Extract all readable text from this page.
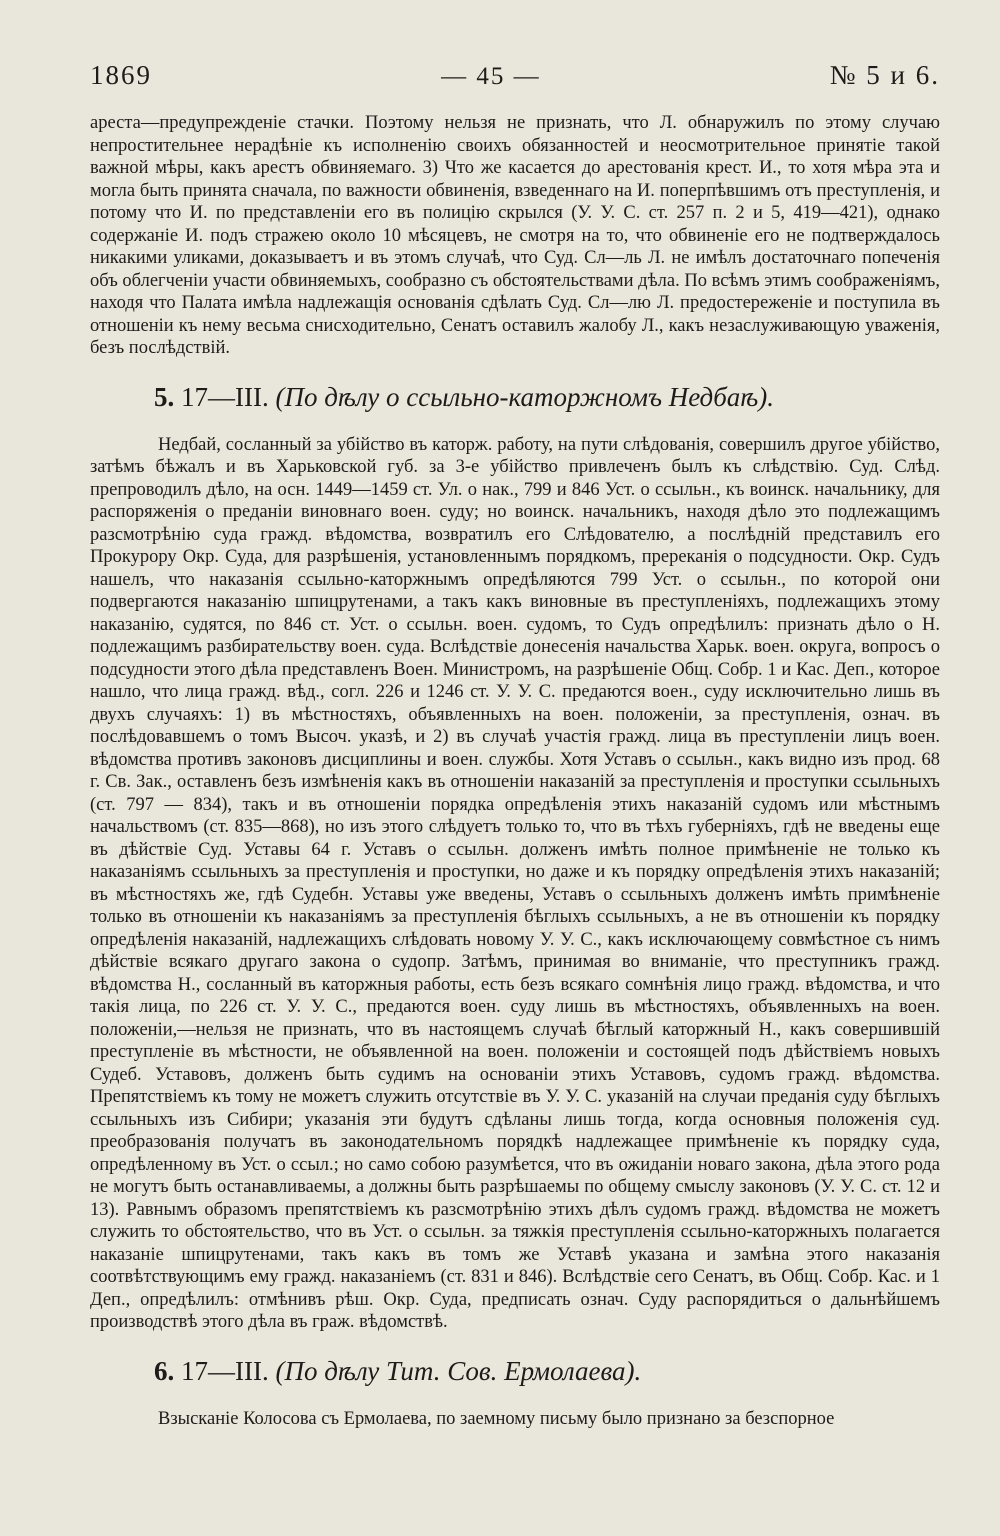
1869	— 45 —	№ 5 и 6.

ареста—предупрежденіе стачки. Поэтому нельзя не признать, что Л. обнаружилъ по этому случаю непростительнее нерадѣніе къ исполненію своихъ обязанностей и неосмотрительное принятіе такой важной мѣры, какъ арестъ обвиняемаго. 3) Что же касается до арестованія крест. И., то хотя мѣра эта и могла быть принята сначала, по важности обвиненія, взведеннаго на И. поперпѣвшимъ отъ преступленія, и потому что И. по представленіи его въ полицію скрылся (У. У. С. ст. 257 п. 2 и 5, 419—421), однако содержаніе И. подъ стражею около 10 мѣсяцевъ, не смотря на то, что обвиненіе его не подтверждалось никакими уликами, доказываетъ и въ этомъ случаѣ, что Суд. Сл—ль Л. не имѣлъ достаточнаго попеченія объ облегченіи участи обвиняемыхъ, сообразно съ обстоятельствами дѣла. По всѣмъ этимъ соображеніямъ, находя что Палата имѣла надлежащія основанія сдѣлать Суд. Сл—лю Л. предостереженіе и поступила въ отношеніи къ нему весьма снисходительно, Сенатъ оставилъ жалобу Л., какъ незаслуживающую уваженія, безъ послѣдствій.

5. 17—III. (По дѣлу о ссыльно-каторжномъ Недбаѣ).

Недбай, сосланный за убійство въ каторж. работу, на пути слѣдованія, совершилъ другое убійство, затѣмъ бѣжалъ и въ Харьковской губ. за 3-е убійство привлеченъ былъ къ слѣдствію. Суд. Слѣд. препроводилъ дѣло, на осн. 1449—1459 ст. Ул. о нак., 799 и 846 Уст. о ссыльн., къ воинск. начальнику, для распоряженія о преданіи виновнаго воен. суду; но воинск. начальникъ, находя дѣло это подлежащимъ разсмотрѣнію суда гражд. вѣдомства, возвратилъ его Слѣдователю, а послѣдній представилъ его Прокурору Окр. Суда, для разрѣшенія, установленнымъ порядкомъ, пререканія о подсудности. Окр. Судъ нашелъ, что наказанія ссыльно-каторжнымъ опредѣляются 799 Уст. о ссыльн., по которой они подвергаются наказанію шпицрутенами, а такъ какъ виновные въ преступленіяхъ, подлежащихъ этому наказанію, судятся, по 846 ст. Уст. о ссыльн. воен. судомъ, то Судъ опредѣлилъ: признать дѣло о Н. подлежащимъ разбирательству воен. суда. Вслѣдствіе донесенія начальства Харьк. воен. округа, вопросъ о подсудности этого дѣла представленъ Воен. Министромъ, на разрѣшеніе Общ. Собр. 1 и Кас. Деп., которое нашло, что лица гражд. вѣд., согл. 226 и 1246 ст. У. У. С. предаются воен., суду исключительно лишь въ двухъ случаяхъ: 1) въ мѣстностяхъ, объявленныхъ на воен. положеніи, за преступленія, означ. въ послѣдовавшемъ о томъ Высоч. указѣ, и 2) въ случаѣ участія гражд. лица въ преступленіи лицъ воен. вѣдомства противъ законовъ дисциплины и воен. службы. Хотя Уставъ о ссыльн., какъ видно изъ прод. 68 г. Св. Зак., оставленъ безъ измѣненія какъ въ отношеніи наказаній за преступленія и проступки ссыльныхъ (ст. 797 — 834), такъ и въ отношеніи порядка опредѣленія этихъ наказаній судомъ или мѣстнымъ начальствомъ (ст. 835—868), но изъ этого слѣдуетъ только то, что въ тѣхъ губерніяхъ, гдѣ не введены еще въ дѣйствіе Суд. Уставы 64 г. Уставъ о ссыльн. долженъ имѣть полное примѣненіе не только къ наказаніямъ ссыльныхъ за преступленія и проступки, но даже и къ порядку опредѣленія этихъ наказаній; въ мѣстностяхъ же, гдѣ Судебн. Уставы уже введены, Уставъ о ссыльныхъ долженъ имѣть примѣненіе только въ отношеніи къ наказаніямъ за преступленія бѣглыхъ ссыльныхъ, а не въ отношеніи къ порядку опредѣленія наказаній, надлежащихъ слѣдовать новому У. У. С., какъ исключающему совмѣстное съ нимъ дѣйствіе всякаго другаго закона о судопр. Затѣмъ, принимая во вниманіе, что преступникъ гражд. вѣдомства Н., сосланный въ каторжныя работы, есть безъ всякаго сомнѣнія лицо гражд. вѣдомства, и что такія лица, по 226 ст. У. У. С., предаются воен. суду лишь въ мѣстностяхъ, объявленныхъ на воен. положеніи,—нельзя не признать, что въ настоящемъ случаѣ бѣглый каторжный Н., какъ совершившій преступленіе въ мѣстности, не объявленной на воен. положеніи и состоящей подъ дѣйствіемъ новыхъ Судеб. Уставовъ, долженъ быть судимъ на основаніи этихъ Уставовъ, судомъ гражд. вѣдомства. Препятствіемъ къ тому не можетъ служить отсутствіе въ У. У. С. указаній на случаи преданія суду бѣглыхъ ссыльныхъ изъ Сибири; указанія эти будутъ сдѣланы лишь тогда, когда основныя положенія суд. преобразованія получатъ въ законодательномъ порядкѣ надлежащее примѣненіе къ порядку суда, опредѣленному въ Уст. о ссыл.; но само собою разумѣется, что въ ожиданіи новаго закона, дѣла этого рода не могутъ быть останавливаемы, а должны быть разрѣшаемы по общему смыслу законовъ (У. У. С. ст. 12 и 13). Равнымъ образомъ препятствіемъ къ разсмотрѣнію этихъ дѣлъ судомъ гражд. вѣдомства не можетъ служить то обстоятельство, что въ Уст. о ссыльн. за тяжкія преступленія ссыльно-каторжныхъ полагается наказаніе шпицрутенами, такъ какъ въ томъ же Уставѣ указана и замѣна этого наказанія соотвѣтствующимъ ему гражд. наказаніемъ (ст. 831 и 846). Вслѣдствіе сего Сенатъ, въ Общ. Собр. Кас. и 1 Деп., опредѣлилъ: отмѣнивъ рѣш. Окр. Суда, предписать означ. Суду распорядиться о дальнѣйшемъ производствѣ этого дѣла въ граж. вѣдомствѣ.

6. 17—III. (По дѣлу Тит. Сов. Ермолаева).

Взысканіе Колосова съ Ермолаева, по заемному письму было признано за безспорное
